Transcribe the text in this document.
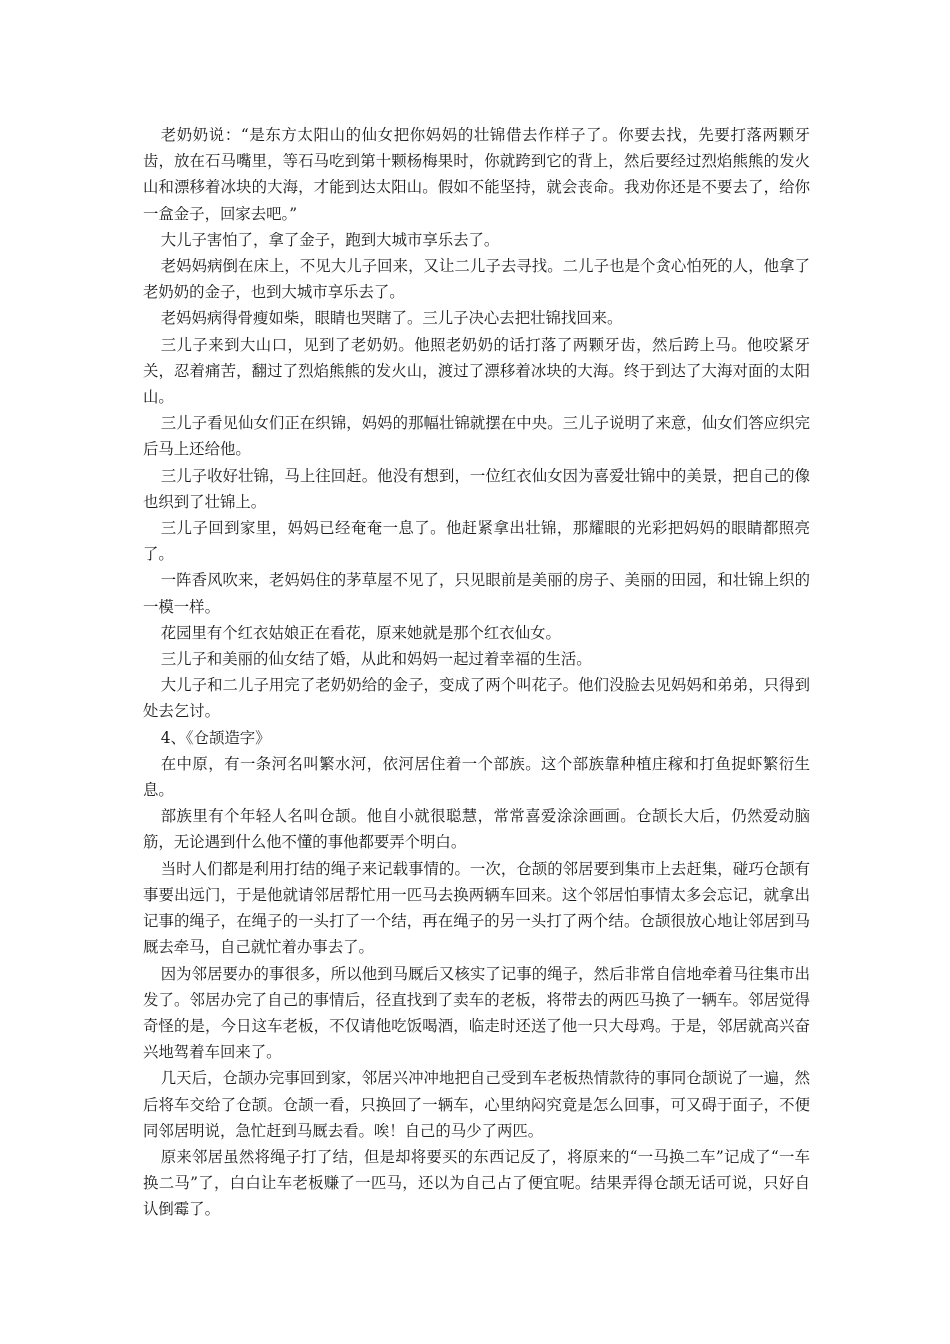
老奶奶说：“是东方太阳山的仙女把你妈妈的壮锦借去作样子了。你要去找，先要打落两颗牙齿，放在石马嘴里，等石马吃到第十颗杨梅果时，你就跨到它的背上，然后要经过烈焰熊熊的发火山和漂移着冰块的大海，才能到达太阳山。假如不能坚持，就会丧命。我劝你还是不要去了，给你一盒金子，回家去吧。”

大儿子害怕了，拿了金子，跑到大城市享乐去了。

老妈妈病倒在床上，不见大儿子回来，又让二儿子去寻找。二儿子也是个贪心怕死的人，他拿了老奶奶的金子，也到大城市享乐去了。

老妈妈病得骨瘦如柴，眼睛也哭瞎了。三儿子决心去把壮锦找回来。

三儿子来到大山口，见到了老奶奶。他照老奶奶的话打落了两颗牙齿，然后跨上马。他咬紧牙关，忍着痛苦，翻过了烈焰熊熊的发火山，渡过了漂移着冰块的大海。终于到达了大海对面的太阳山。

三儿子看见仙女们正在织锦，妈妈的那幅壮锦就摆在中央。三儿子说明了来意，仙女们答应织完后马上还给他。

三儿子收好壮锦，马上往回赶。他没有想到，一位红衣仙女因为喜爱壮锦中的美景，把自己的像也织到了壮锦上。

三儿子回到家里，妈妈已经奄奄一息了。他赶紧拿出壮锦，那耀眼的光彩把妈妈的眼睛都照亮了。

一阵香风吹来，老妈妈住的茅草屋不见了，只见眼前是美丽的房子、美丽的田园，和壮锦上织的一模一样。

花园里有个红衣姑娘正在看花，原来她就是那个红衣仙女。

三儿子和美丽的仙女结了婚，从此和妈妈一起过着幸福的生活。

大儿子和二儿子用完了老奶奶给的金子，变成了两个叫花子。他们没脸去见妈妈和弟弟，只得到处去乞讨。

4、《仓颉造字》

在中原，有一条河名叫繁水河，依河居住着一个部族。这个部族靠种植庄稼和打鱼捉虾繁衍生息。

部族里有个年轻人名叫仓颉。他自小就很聪慧，常常喜爱涂涂画画。仓颉长大后，仍然爱动脑筋，无论遇到什么他不懂的事他都要弄个明白。

当时人们都是利用打结的绳子来记载事情的。一次，仓颉的邻居要到集市上去赶集，碰巧仓颉有事要出远门，于是他就请邻居帮忙用一匹马去换两辆车回来。这个邻居怕事情太多会忘记，就拿出记事的绳子，在绳子的一头打了一个结，再在绳子的另一头打了两个结。仓颉很放心地让邻居到马厩去牵马，自己就忙着办事去了。

因为邻居要办的事很多，所以他到马厩后又核实了记事的绳子，然后非常自信地牵着马往集市出发了。邻居办完了自己的事情后，径直找到了卖车的老板，将带去的两匹马换了一辆车。邻居觉得奇怪的是，今日这车老板，不仅请他吃饭喝酒，临走时还送了他一只大母鸡。于是，邻居就高兴奋兴地驾着车回来了。

几天后，仓颉办完事回到家，邻居兴冲冲地把自己受到车老板热情款待的事同仓颉说了一遍，然后将车交给了仓颉。仓颉一看，只换回了一辆车，心里纳闷究竟是怎么回事，可又碍于面子，不便同邻居明说，急忙赶到马厩去看。唉！自己的马少了两匹。

原来邻居虽然将绳子打了结，但是却将要买的东西记反了，将原来的“一马换二车”记成了“一车换二马”了，白白让车老板赚了一匹马，还以为自己占了便宜呢。结果弄得仓颉无话可说，只好自认倒霉了。
